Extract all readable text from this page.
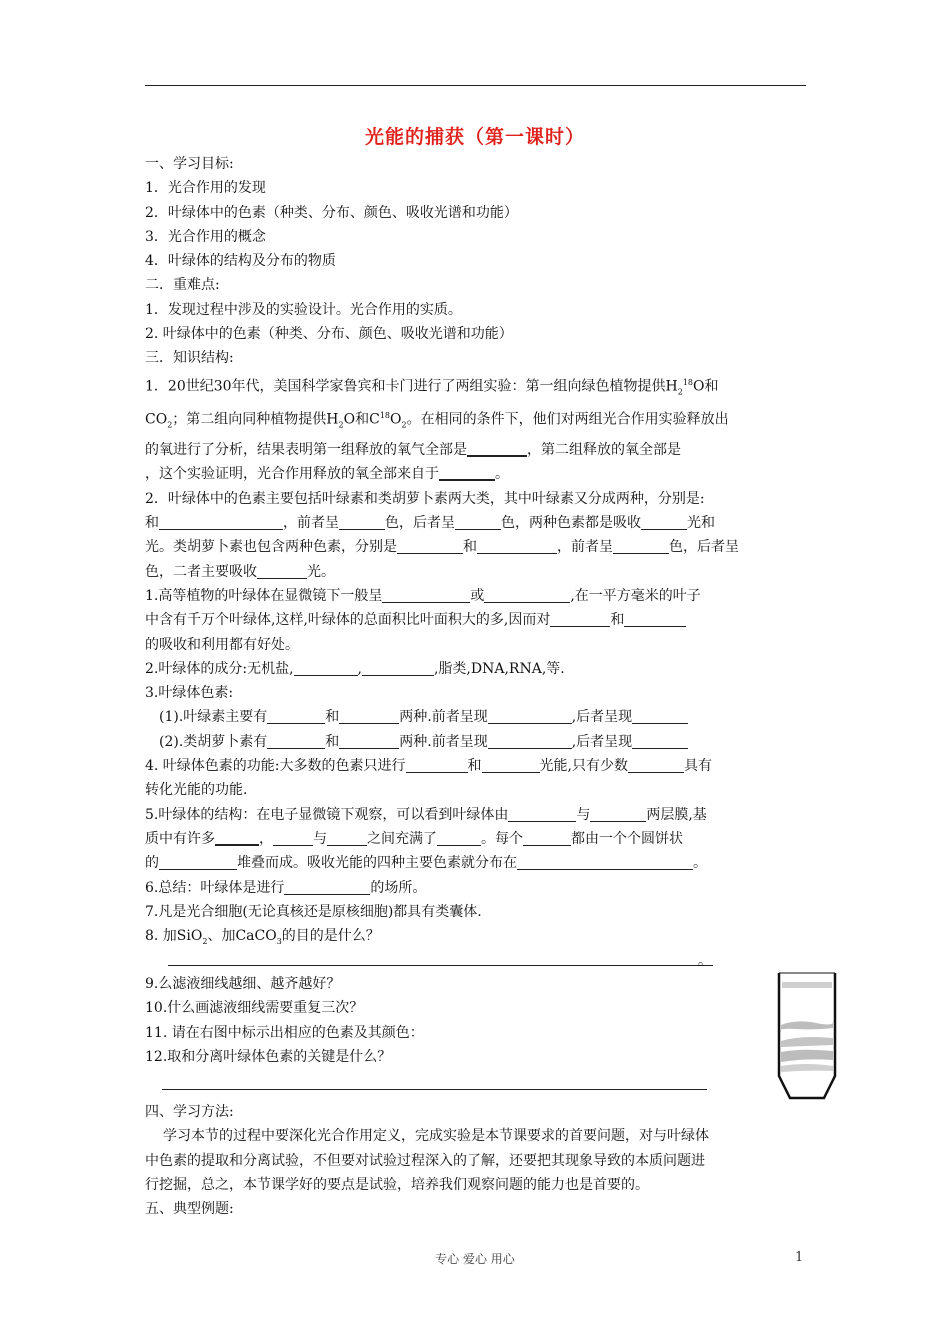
光能的捕获（第一课时）
一、学习目标:
1．光合作用的发现
2．叶绿体中的色素（种类、分布、颜色、吸收光谱和功能）
3．光合作用的概念
4．叶绿体的结构及分布的物质
二．重难点:
1．发现过程中涉及的实验设计。光合作用的实质。
2. 叶绿体中的色素（种类、分布、颜色、吸收光谱和功能）
三．知识结构:
1．20世纪30年代，美国科学家鲁宾和卡门进行了两组实验：第一组向绿色植物提供$H_2^{18}O$和
$CO_2$；第二组向同种植物提供$H_2O$和$C^{18}O_2$。在相同的条件下，他们对两组光合作用实验释放出
的氧进行了分析，结果表明第一组释放的氧气全部是	，第二组释放的氧全部是
，这个实验证明，光合作用释放的氧全部来自于	。
2．叶绿体中的色素主要包括叶绿素和类胡萝卜素两大类，其中叶绿素又分成两种，分别是:
和	，前者呈	色，后者呈	色，两种色素都是吸收	光和
光。类胡萝卜素也包含两种色素，分别是	和	，前者呈	色，后者呈
色，二者主要吸收	光。
1.高等植物的叶绿体在显微镜下一般呈	或	,在一平方毫米的叶子
中含有千万个叶绿体,这样,叶绿体的总面积比叶面积大的多,因而对	和
的吸收和利用都有好处。
2.叶绿体的成分:无机盐,	,	,脂类,DNA,RNA,等.
3.叶绿体色素:
(1).叶绿素主要有	和	两种.前者呈现	,后者呈现
(2).类胡萝卜素有	和	两种.前者呈现	,后者呈现
4. 叶绿体色素的功能:大多数的色素只进行	和	光能,只有少数	具有
转化光能的功能.
5.叶绿体的结构：在电子显微镜下观察，可以看到叶绿体由	与	两层膜,基
质中有许多	，	与	之间充满了	。每个	都由一个个圆饼状
的	堆叠而成。吸收光能的四种主要色素就分布在	。
6.总结：叶绿体是进行	的场所。
7.凡是光合细胞(无论真核还是原核细胞)都具有类囊体.
8. 加SiO$_2$、加CaCO$_3$的目的是什么？
。
9.么滤液细线越细、越齐越好？
10.什么画滤液细线需要重复三次？
11. 请在右图中标示出相应的色素及其颜色：
12.取和分离叶绿体色素的关键是什么？
四、学习方法:
学习本节的过程中要深化光合作用定义，完成实验是本节课要求的首要问题，对与叶绿体
中色素的提取和分离试验，不但要对试验过程深入的了解，还要把其现象导致的本质问题进
行挖掘，总之，本节课学好的要点是试验，培养我们观察问题的能力也是首要的。
五、典型例题:
专心 爱心 用心	1
